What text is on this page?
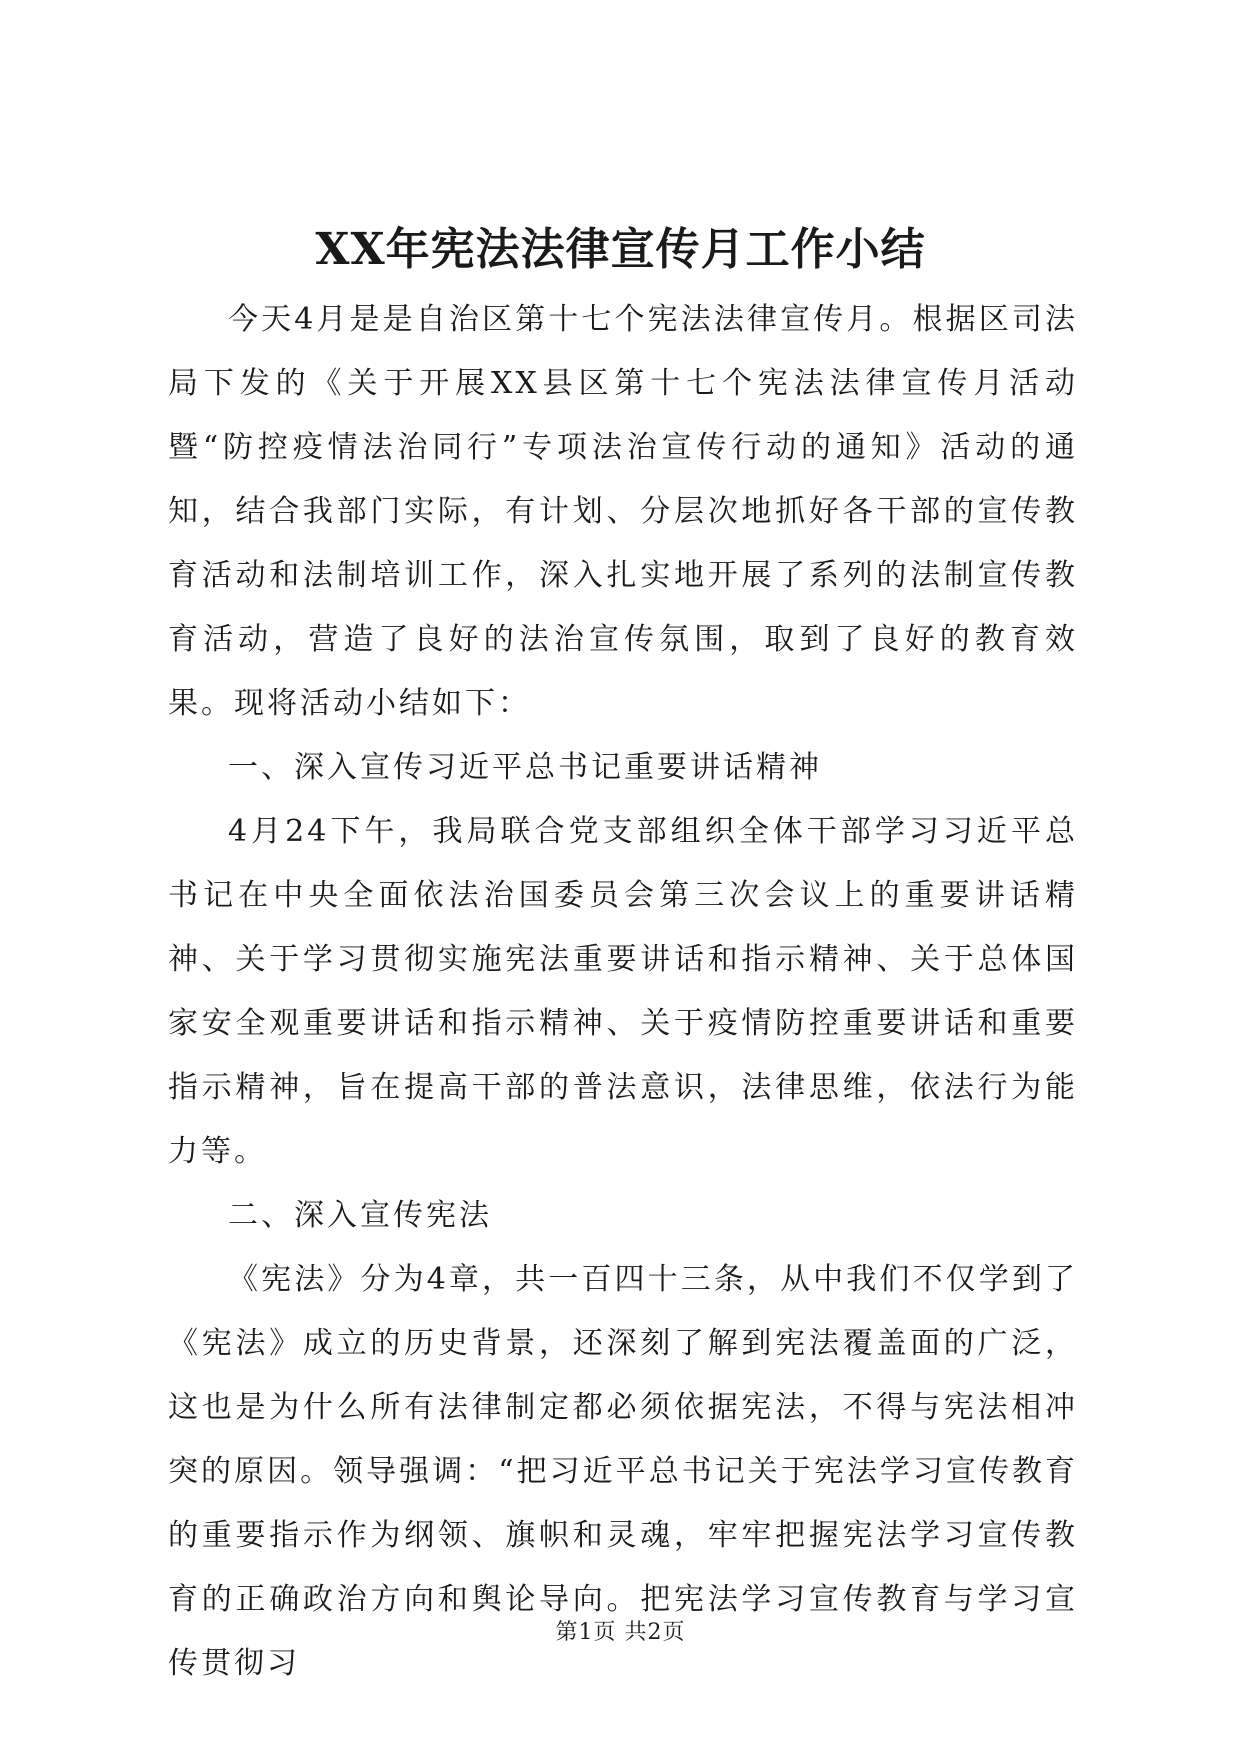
XX年宪法法律宣传月工作小结

今天4月是是自治区第十七个宪法法律宣传月。根据区司法局下发的《关于开展XX县区第十七个宪法法律宣传月活动暨“防控疫情法治同行”专项法治宣传行动的通知》活动的通知，结合我部门实际，有计划、分层次地抓好各干部的宣传教育活动和法制培训工作，深入扎实地开展了系列的法制宣传教育活动，营造了良好的法治宣传氛围，取到了良好的教育效果。现将活动小结如下：

一、深入宣传习近平总书记重要讲话精神

4月24下午，我局联合党支部组织全体干部学习习近平总书记在中央全面依法治国委员会第三次会议上的重要讲话精神、关于学习贯彻实施宪法重要讲话和指示精神、关于总体国家安全观重要讲话和指示精神、关于疫情防控重要讲话和重要指示精神，旨在提高干部的普法意识，法律思维，依法行为能力等。

二、深入宣传宪法

《宪法》分为4章，共一百四十三条，从中我们不仅学到了《宪法》成立的历史背景，还深刻了解到宪法覆盖面的广泛，这也是为什么所有法律制定都必须依据宪法，不得与宪法相冲突的原因。领导强调：“把习近平总书记关于宪法学习宣传教育的重要指示作为纲领、旗帜和灵魂，牢牢把握宪法学习宣传教育的正确政治方向和舆论导向。把宪法学习宣传教育与学习宣传贯彻习

第1页 共2页
